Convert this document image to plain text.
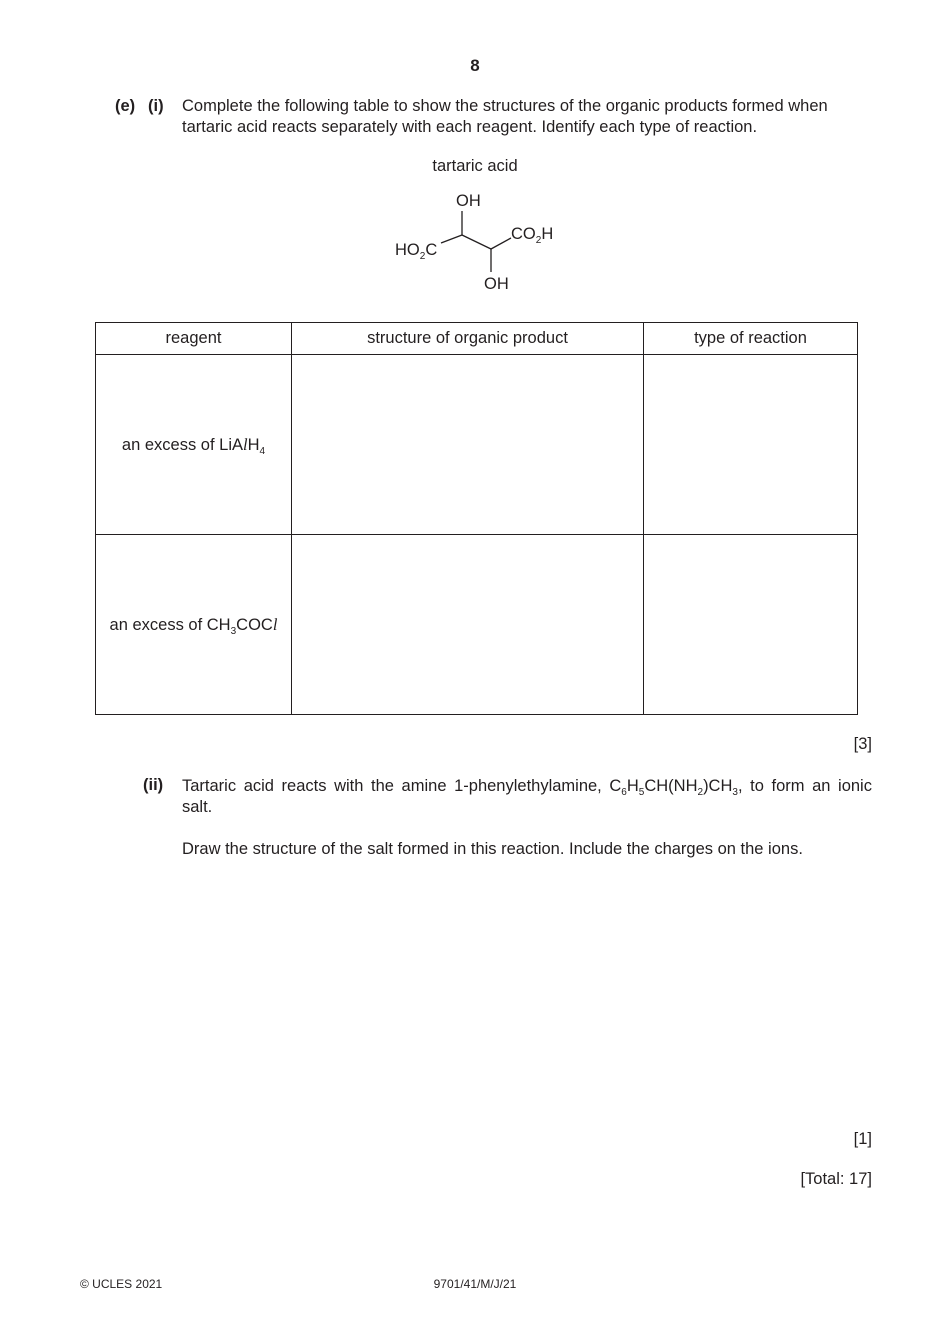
8
(e) (i) Complete the following table to show the structures of the organic products formed when tartaric acid reacts separately with each reagent. Identify each type of reaction.
tartaric acid
OH
OH
$HO_2C$
$CO_2H$
reagent	structure of organic product	type of reaction
an excess of LiAlH$_4$		
an excess of $CH_3COCl$		
[3]
(ii) Tartaric acid reacts with the amine 1-phenylethylamine, $C_6H_5CH(NH_2)CH_3$, to form an ionic salt.
Draw the structure of the salt formed in this reaction. Include the charges on the ions.
[1]
[Total: 17]
© UCLES 2021	9701/41/M/J/21
